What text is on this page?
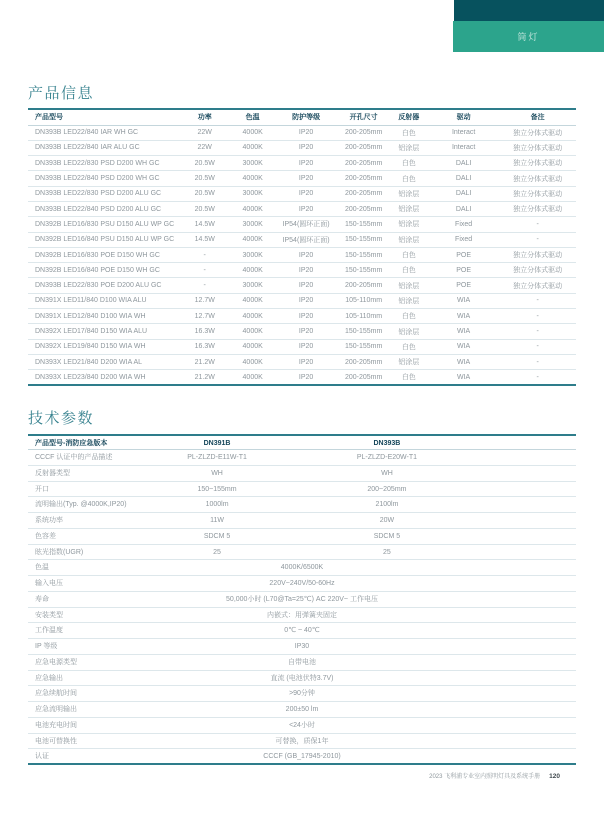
筒灯
产品信息
产品型号	功率	色温	防护等级	开孔尺寸	反射器	驱动	备注
DN393B LED22/840 IAR WH GC	22W	4000K	IP20	200-205mm	白色	Interact	独立分体式驱动
DN393B LED22/840 IAR ALU GC	22W	4000K	IP20	200-205mm	铝涂层	Interact	独立分体式驱动
DN393B LED22/830 PSD D200 WH GC	20.5W	3000K	IP20	200-205mm	白色	DALI	独立分体式驱动
DN393B LED22/840 PSD D200 WH GC	20.5W	4000K	IP20	200-205mm	白色	DALI	独立分体式驱动
DN393B LED22/830 PSD D200 ALU GC	20.5W	3000K	IP20	200-205mm	铝涂层	DALI	独立分体式驱动
DN393B LED22/840 PSD D200 ALU GC	20.5W	4000K	IP20	200-205mm	铝涂层	DALI	独立分体式驱动
DN392B LED16/830 PSU D150 ALU WP GC	14.5W	3000K	IP54(圆环正面)	150-155mm	铝涂层	Fixed	-
DN392B LED16/840 PSU D150 ALU WP GC	14.5W	4000K	IP54(圆环正面)	150-155mm	铝涂层	Fixed	-
DN392B LED16/830 POE D150 WH GC	-	3000K	IP20	150-155mm	白色	POE	独立分体式驱动
DN392B LED16/840 POE D150 WH GC	-	4000K	IP20	150-155mm	白色	POE	独立分体式驱动
DN393B LED22/830 POE D200 ALU GC	-	3000K	IP20	200-205mm	铝涂层	POE	独立分体式驱动
DN391X LED11/840 D100 WIA ALU	12.7W	4000K	IP20	105-110mm	铝涂层	WIA	-
DN391X LED12/840 D100 WIA WH	12.7W	4000K	IP20	105-110mm	白色	WIA	-
DN392X LED17/840 D150 WIA ALU	16.3W	4000K	IP20	150-155mm	铝涂层	WIA	-
DN392X LED19/840 D150 WIA WH	16.3W	4000K	IP20	150-155mm	白色	WIA	-
DN393X LED21/840 D200 WIA AL	21.2W	4000K	IP20	200-205mm	铝涂层	WIA	-
DN393X LED23/840 D200 WIA WH	21.2W	4000K	IP20	200-205mm	白色	WIA	-
技术参数
产品型号-消防应急版本	DN391B	DN393B
CCCF 认证中的产品描述	PL-ZLZD-E11W-T1	PL-ZLZD-E20W-T1
反射器类型	WH	WH
开口	150~155mm	200~205mm
流明输出(Typ. @4000K,IP20)	1000lm	2100lm
系统功率	11W	20W
色容差	SDCM 5	SDCM 5
眩光指数(UGR)	25	25
色温	4000K/6500K
输入电压	220V~240V/50-60Hz
寿命	50,000小时 (L70@Ta=25℃) AC 220V~ 工作电压
安装类型	内嵌式：用弹簧夹固定
工作温度	0℃ ~ 40℃
IP 等级	IP30
应急电源类型	自带电池
应急输出	直流 (电池伏特3.7V)
应急续航时间	>90分钟
应急流明输出	200±50 lm
电池充电时间	<24小时
电池可替换性	可替换，质保1年
认证	CCCF (GB_17945-2010)
2023 飞利浦专业室内照明灯具及系统手册 120
